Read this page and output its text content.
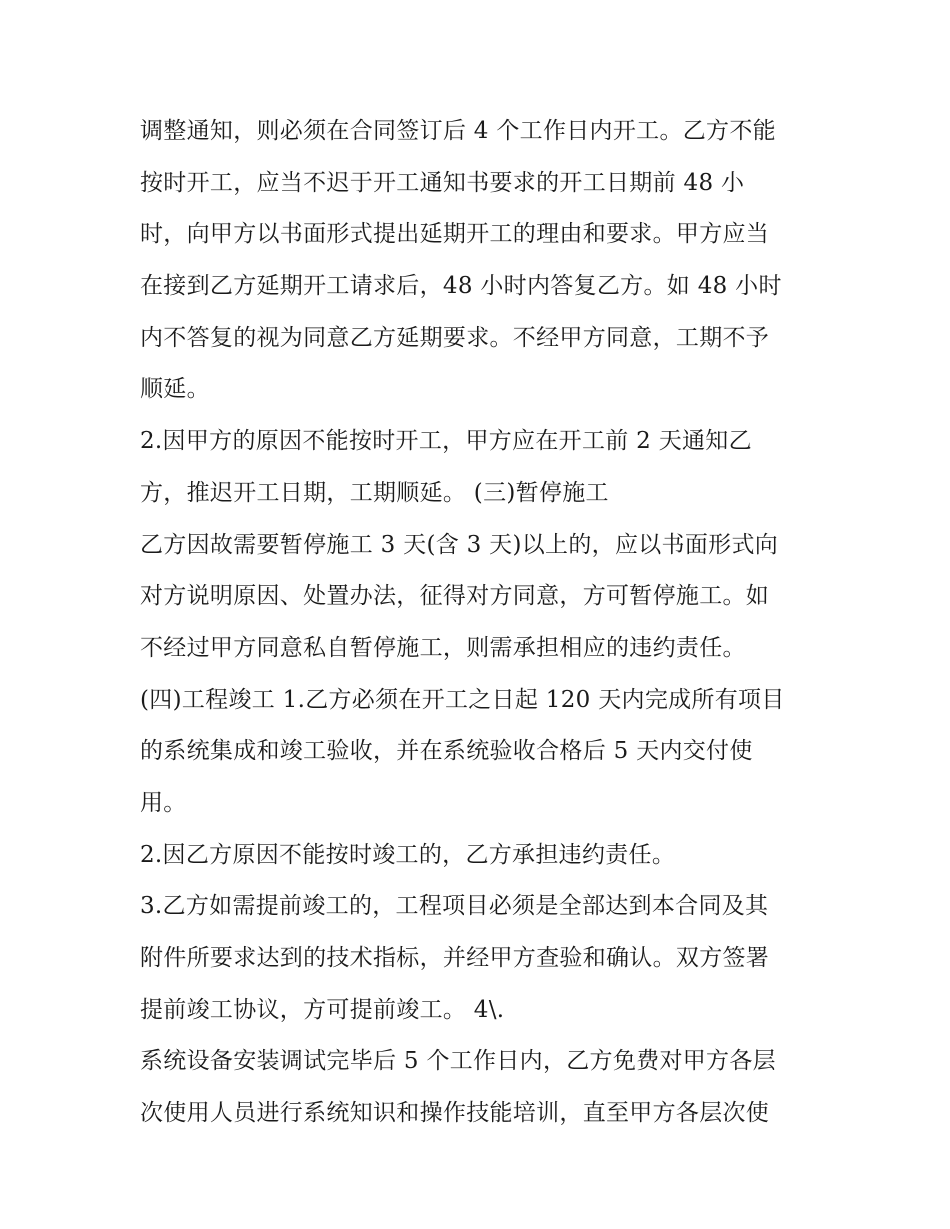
调整通知，则必须在合同签订后 4 个工作日内开工。乙方不能
按时开工，应当不迟于开工通知书要求的开工日期前 48 小
时，向甲方以书面形式提出延期开工的理由和要求。甲方应当
在接到乙方延期开工请求后，48 小时内答复乙方。如 48 小时
内不答复的视为同意乙方延期要求。不经甲方同意，工期不予
顺延。
2.因甲方的原因不能按时开工，甲方应在开工前 2 天通知乙
方，推迟开工日期，工期顺延。 (三)暂停施工
乙方因故需要暂停施工 3 天(含 3 天)以上的，应以书面形式向
对方说明原因、处置办法，征得对方同意，方可暂停施工。如
不经过甲方同意私自暂停施工，则需承担相应的违约责任。
(四)工程竣工 1.乙方必须在开工之日起 120 天内完成所有项目
的系统集成和竣工验收，并在系统验收合格后 5 天内交付使
用。
2.因乙方原因不能按时竣工的，乙方承担违约责任。
3.乙方如需提前竣工的，工程项目必须是全部达到本合同及其
附件所要求达到的技术指标，并经甲方查验和确认。双方签署
提前竣工协议，方可提前竣工。 4\.
系统设备安装调试完毕后 5 个工作日内，乙方免费对甲方各层
次使用人员进行系统知识和操作技能培训，直至甲方各层次使
